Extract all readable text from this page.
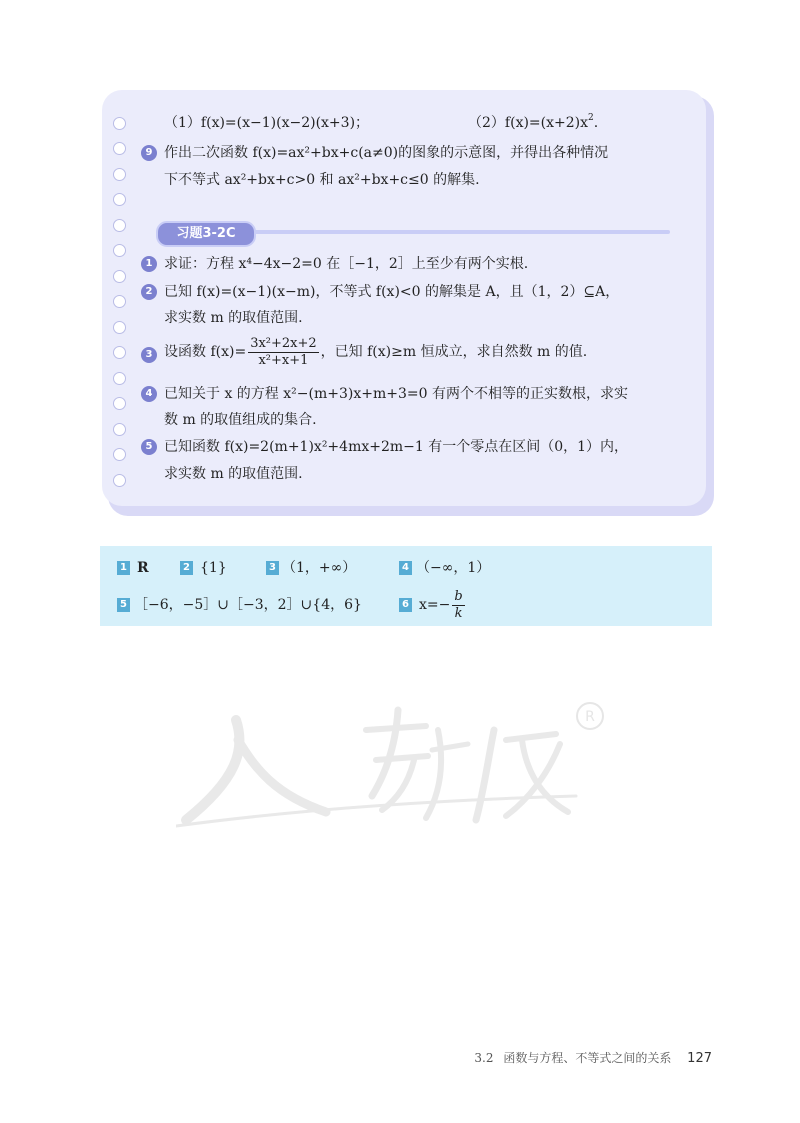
（1）f(x)=(x−1)(x−2)(x+3)；	$(2)f(x)=(x+2)x^2$.
9 作出二次函数 f(x)=ax²+bx+c(a≠0)的图象的示意图，并得出各种情况
下不等式 ax²+bx+c>0 和 ax²+bx+c≤0 的解集.
习题3-2C
1 求证：方程 x⁴−4x−2=0 在［−1，2］上至少有两个实根.
2 已知 f(x)=(x−1)(x−m)，不等式 f(x)<0 的解集是 A，且（1，2）⊆A，
求实数 m 的取值范围.
3 设函数 $f(x)= \frac{\text{3x²+2x+2}}{\text{x²+x+1}}$ ，已知 f(x)≥m 恒成立，求自然数 m 的值.
4 已知关于 x 的方程 x²−(m+3)x+m+3=0 有两个不相等的正实数根，求实
数 m 的取值组成的集合.
5 已知函数 f(x)=2(m+1)x²+4mx+2m−1 有一个零点在区间（0，1）内，
求实数 m 的取值范围.
1 R	2 {1}	3 （1，+∞）	4 （−∞，1）
5 ［−6，−5］∪［−3，2］∪{4，6}	6 $x=- \frac{b}{k}$
R
3.2 函数与方程、不等式之间的关系 127
